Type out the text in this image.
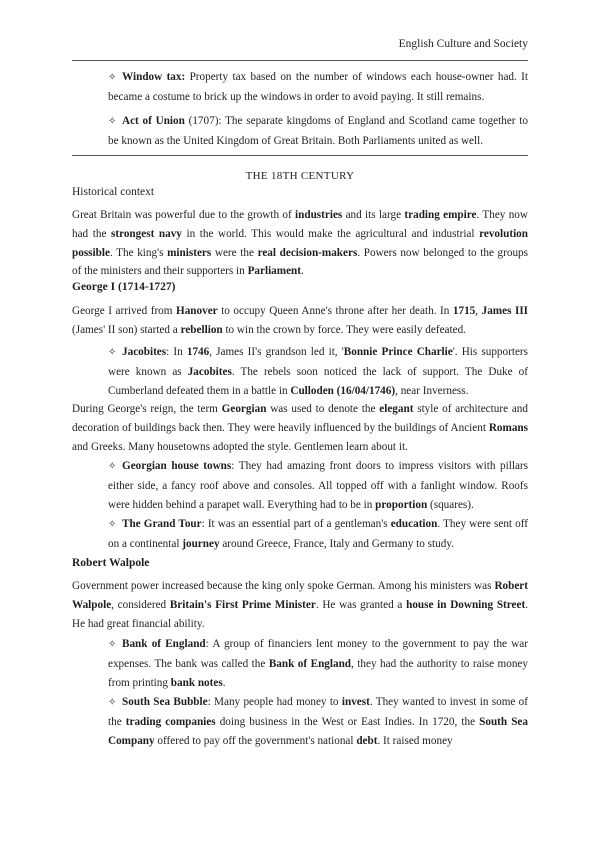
English Culture and Society
✧ Window tax: Property tax based on the number of windows each house-owner had. It became a costume to brick up the windows in order to avoid paying. It still remains.
✧ Act of Union (1707): The separate kingdoms of England and Scotland came together to be known as the United Kingdom of Great Britain. Both Parliaments united as well.
THE 18TH CENTURY
Historical context
Great Britain was powerful due to the growth of industries and its large trading empire. They now had the strongest navy in the world. This would make the agricultural and industrial revolution possible. The king's ministers were the real decision-makers. Powers now belonged to the groups of the ministers and their supporters in Parliament.
George I (1714-1727)
George I arrived from Hanover to occupy Queen Anne's throne after her death. In 1715, James III (James' II son) started a rebellion to win the crown by force. They were easily defeated.
✧ Jacobites: In 1746, James II's grandson led it, 'Bonnie Prince Charlie'. His supporters were known as Jacobites. The rebels soon noticed the lack of support. The Duke of Cumberland defeated them in a battle in Culloden (16/04/1746), near Inverness.
During George's reign, the term Georgian was used to denote the elegant style of architecture and decoration of buildings back then. They were heavily influenced by the buildings of Ancient Romans and Greeks. Many housetowns adopted the style. Gentlemen learn about it.
✧ Georgian house towns: They had amazing front doors to impress visitors with pillars either side, a fancy roof above and consoles. All topped off with a fanlight window. Roofs were hidden behind a parapet wall. Everything had to be in proportion (squares).
✧ The Grand Tour: It was an essential part of a gentleman's education. They were sent off on a continental journey around Greece, France, Italy and Germany to study.
Robert Walpole
Government power increased because the king only spoke German. Among his ministers was Robert Walpole, considered Britain's First Prime Minister. He was granted a house in Downing Street. He had great financial ability.
✧ Bank of England: A group of financiers lent money to the government to pay the war expenses. The bank was called the Bank of England, they had the authority to raise money from printing bank notes.
✧ South Sea Bubble: Many people had money to invest. They wanted to invest in some of the trading companies doing business in the West or East Indies. In 1720, the South Sea Company offered to pay off the government's national debt. It raised money
